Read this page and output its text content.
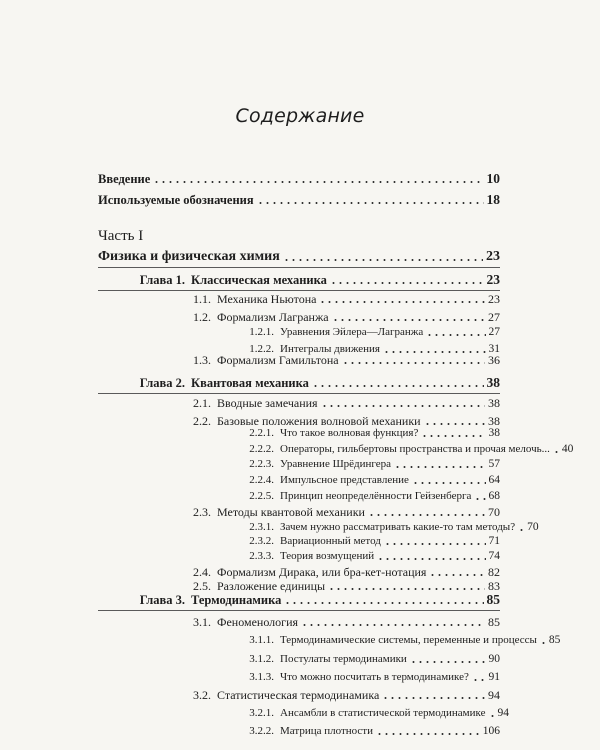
Содержание
Часть I
Введение	10
Используемые обозначения	18
Физика и физическая химия	23
Глава 1. Классическая механика	23
1.1. Механика Ньютона	23
1.2. Формализм Лагранжа	27
1.2.1. Уравнения Эйлера—Лагранжа	27
1.2.2. Интегралы движения	31
1.3. Формализм Гамильтона	36
Глава 2. Квантовая механика	38
2.1. Вводные замечания	38
2.2. Базовые положения волновой механики	38
2.2.1. Что такое волновая функция?	38
2.2.2. Операторы, гильбертовы пространства и прочая мелочь... 40
2.2.3. Уравнение Шрёдингера	57
2.2.4. Импульсное представление	64
2.2.5. Принцип неопределённости Гейзенберга 68
2.3. Методы квантовой механики	70
2.3.1. Зачем нужно рассматривать какие-то там методы? 70
2.3.2. Вариационный метод	71
2.3.3. Теория возмущений	74
2.4. Формализм Дирака, или бра-кет-нотация	82
2.5. Разложение единицы	83
Глава 3. Термодинамика	85
3.1. Феноменология	85
3.1.1. Термодинамические системы, переменные и процессы 85
3.1.2. Постулаты термодинамики	90
3.1.3. Что можно посчитать в термодинамике? 91
3.2. Статистическая термодинамика	94
3.2.1. Ансамбли в статистической термодинамике 94
3.2.2. Матрица плотности	106
